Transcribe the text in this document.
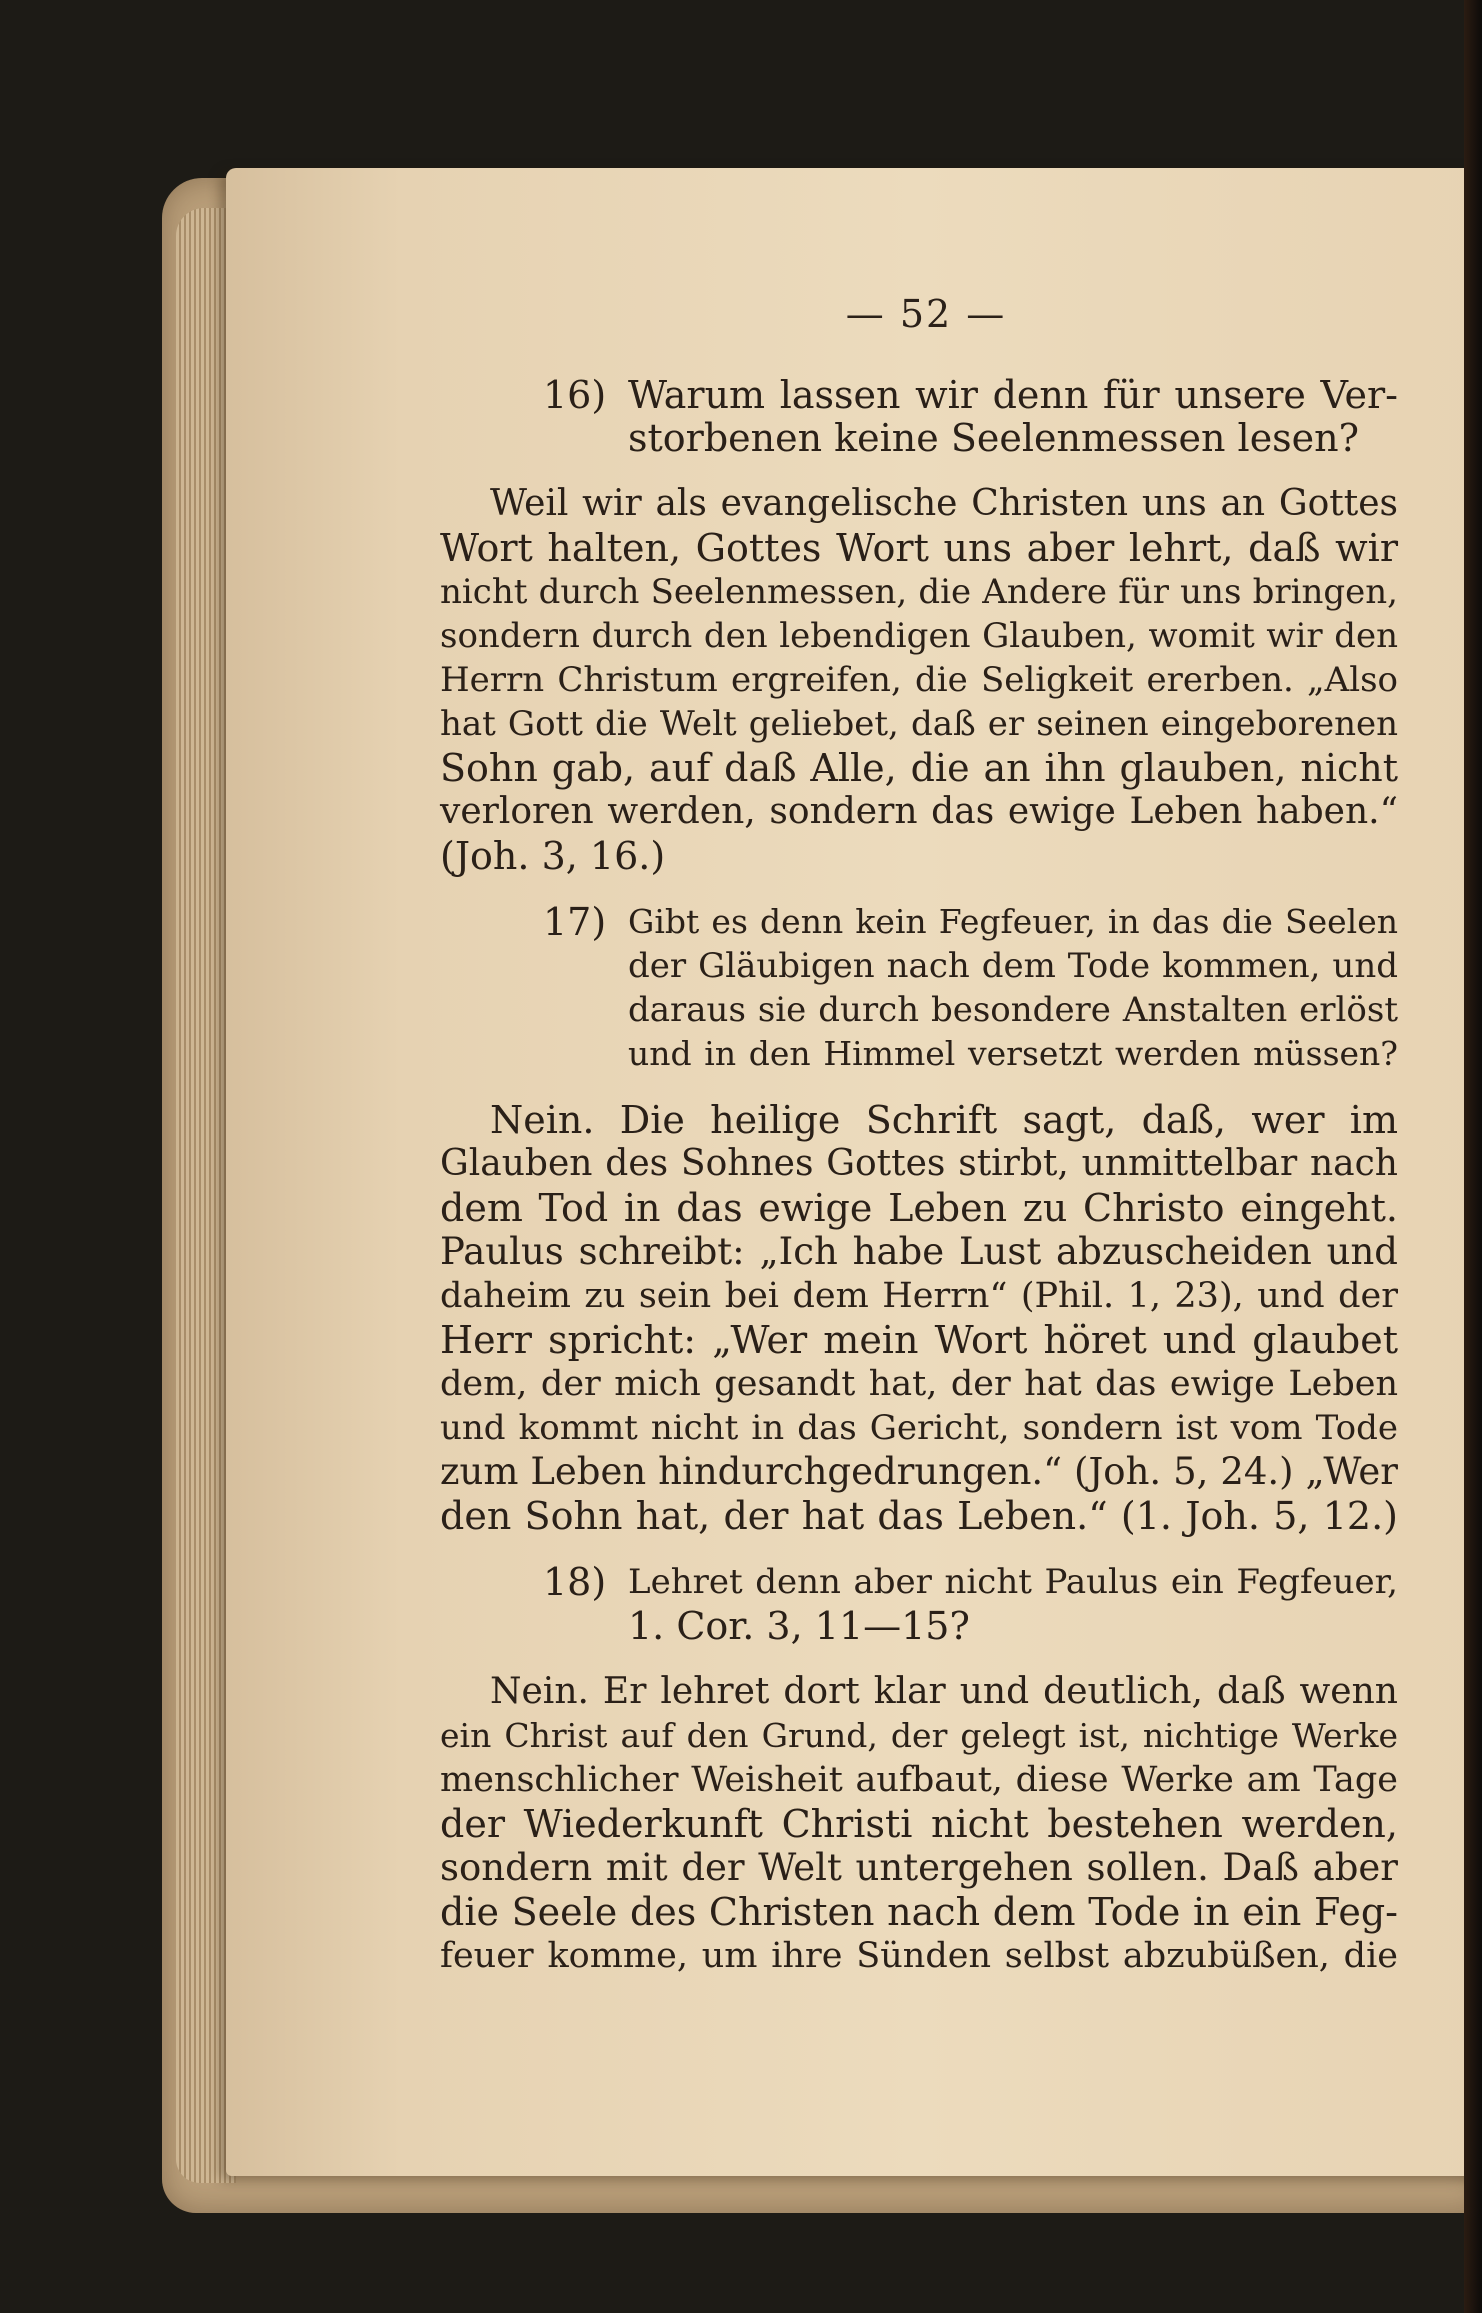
— 52 —
16) Warum lassen wir denn für unsere Ver-
storbenen keine Seelenmessen lesen?
Weil wir als evangelische Christen uns an Gottes
Wort halten, Gottes Wort uns aber lehrt, daß wir
nicht durch Seelenmessen, die Andere für uns bringen,
sondern durch den lebendigen Glauben, womit wir den
Herrn Christum ergreifen, die Seligkeit ererben. „Also
hat Gott die Welt geliebet, daß er seinen eingeborenen
Sohn gab, auf daß Alle, die an ihn glauben, nicht
verloren werden, sondern das ewige Leben haben.“
(Joh. 3, 16.)
17) Gibt es denn kein Fegfeuer, in das die Seelen
der Gläubigen nach dem Tode kommen, und
daraus sie durch besondere Anstalten erlöst
und in den Himmel versetzt werden müssen?
Nein. Die heilige Schrift sagt, daß, wer im
Glauben des Sohnes Gottes stirbt, unmittelbar nach
dem Tod in das ewige Leben zu Christo eingeht.
Paulus schreibt: „Ich habe Lust abzuscheiden und
daheim zu sein bei dem Herrn“ (Phil. 1, 23), und der
Herr spricht: „Wer mein Wort höret und glaubet
dem, der mich gesandt hat, der hat das ewige Leben
und kommt nicht in das Gericht, sondern ist vom Tode
zum Leben hindurchgedrungen.“ (Joh. 5, 24.) „Wer
den Sohn hat, der hat das Leben.“ (1. Joh. 5, 12.)
18) Lehret denn aber nicht Paulus ein Fegfeuer,
1. Cor. 3, 11—15?
Nein. Er lehret dort klar und deutlich, daß wenn
ein Christ auf den Grund, der gelegt ist, nichtige Werke
menschlicher Weisheit aufbaut, diese Werke am Tage
der Wiederkunft Christi nicht bestehen werden,
sondern mit der Welt untergehen sollen. Daß aber
die Seele des Christen nach dem Tode in ein Feg-
feuer komme, um ihre Sünden selbst abzubüßen, die
